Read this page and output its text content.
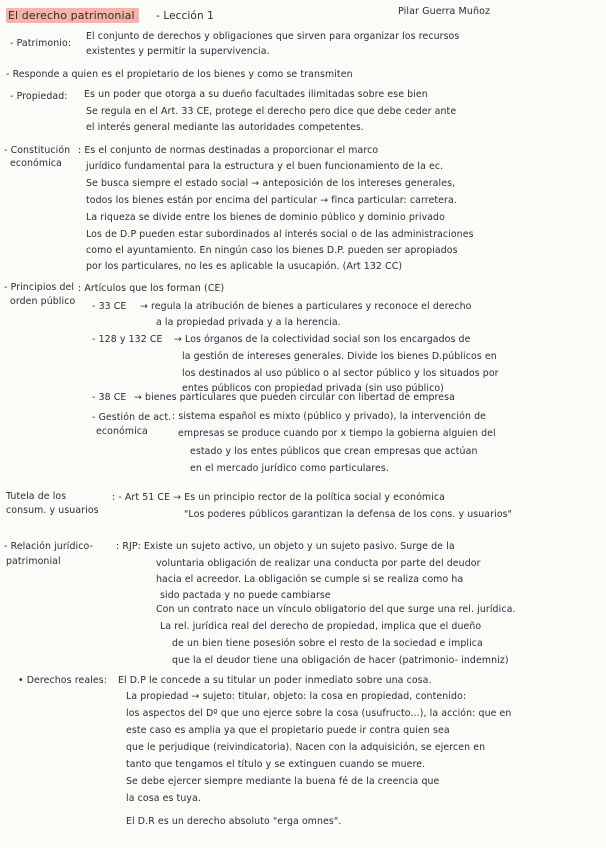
El derecho patrimonial	- Lección 1	Pilar Guerra Muñoz
- Patrimonio:
El conjunto de derechos y obligaciones que sirven para organizar los recursos
existentes y permitir la supervivencia.
- Responde a quien es el propietario de los bienes y como se transmiten
- Propiedad: Es un poder que otorga a su dueño facultades ilimitadas sobre ese bien
Se regula en el Art. 33 CE, protege el derecho pero dice que debe ceder ante
el interés general mediante las autoridades competentes.
- Constitución
económica
: Es el conjunto de normas destinadas a proporcionar el marco
jurídico fundamental para la estructura y el buen funcionamiento de la ec.
Se busca siempre el estado social → anteposición de los intereses generales,
todos los bienes están por encima del particular → finca particular: carretera.
La riqueza se divide entre los bienes de dominio público y dominio privado
Los de D.P pueden estar subordinados al interés social o de las administraciones
como el ayuntamiento. En ningún caso los bienes D.P. pueden ser apropiados
por los particulares, no les es aplicable la usucapión. (Art 132 CC)
- Principios del
orden público
: Artículos que los forman (CE)
- 33 CE → regula la atribución de bienes a particulares y reconoce el derecho
a la propiedad privada y a la herencia.
- 128 y 132 CE → Los órganos de la colectividad social son los encargados de
la gestión de intereses generales. Divide los bienes D.públicos en
los destinados al uso público o al sector público y los situados por
entes públicos con propiedad privada (sin uso público)
- 38 CE → bienes particulares que pueden circular con libertad de empresa
- Gestión de act.
económica
: sistema español es mixto (público y privado), la intervención de
empresas se produce cuando por x tiempo la gobierna alguien del
estado y los entes públicos que crean empresas que actúan
en el mercado jurídico como particulares.
Tutela de los
consum. y usuarios
: - Art 51 CE → Es un principio rector de la política social y económica
"Los poderes públicos garantizan la defensa de los cons. y usuarios"
- Relación jurídico-
patrimonial
: RJP: Existe un sujeto activo, un objeto y un sujeto pasivo. Surge de la
voluntaria obligación de realizar una conducta por parte del deudor
hacia el acreedor. La obligación se cumple si se realiza como ha
sido pactada y no puede cambiarse
Con un contrato nace un vínculo obligatorio del que surge una rel. jurídica.
La rel. jurídica real del derecho de propiedad, implica que el dueño
de un bien tiene posesión sobre el resto de la sociedad e implica
que la el deudor tiene una obligación de hacer (patrimonio- indemniz)
• Derechos reales: El D.P le concede a su titular un poder inmediato sobre una cosa.
La propiedad → sujeto: titular, objeto: la cosa en propiedad, contenido:
los aspectos del Dº que uno ejerce sobre la cosa (usufructo...), la acción: que en
este caso es amplia ya que el propietario puede ir contra quien sea
que le perjudique (reivindicatoria). Nacen con la adquisición, se ejercen en
tanto que tengamos el título y se extinguen cuando se muere.
Se debe ejercer siempre mediante la buena fé de la creencia que
la cosa es tuya.
El D.R es un derecho absoluto "erga omnes".
